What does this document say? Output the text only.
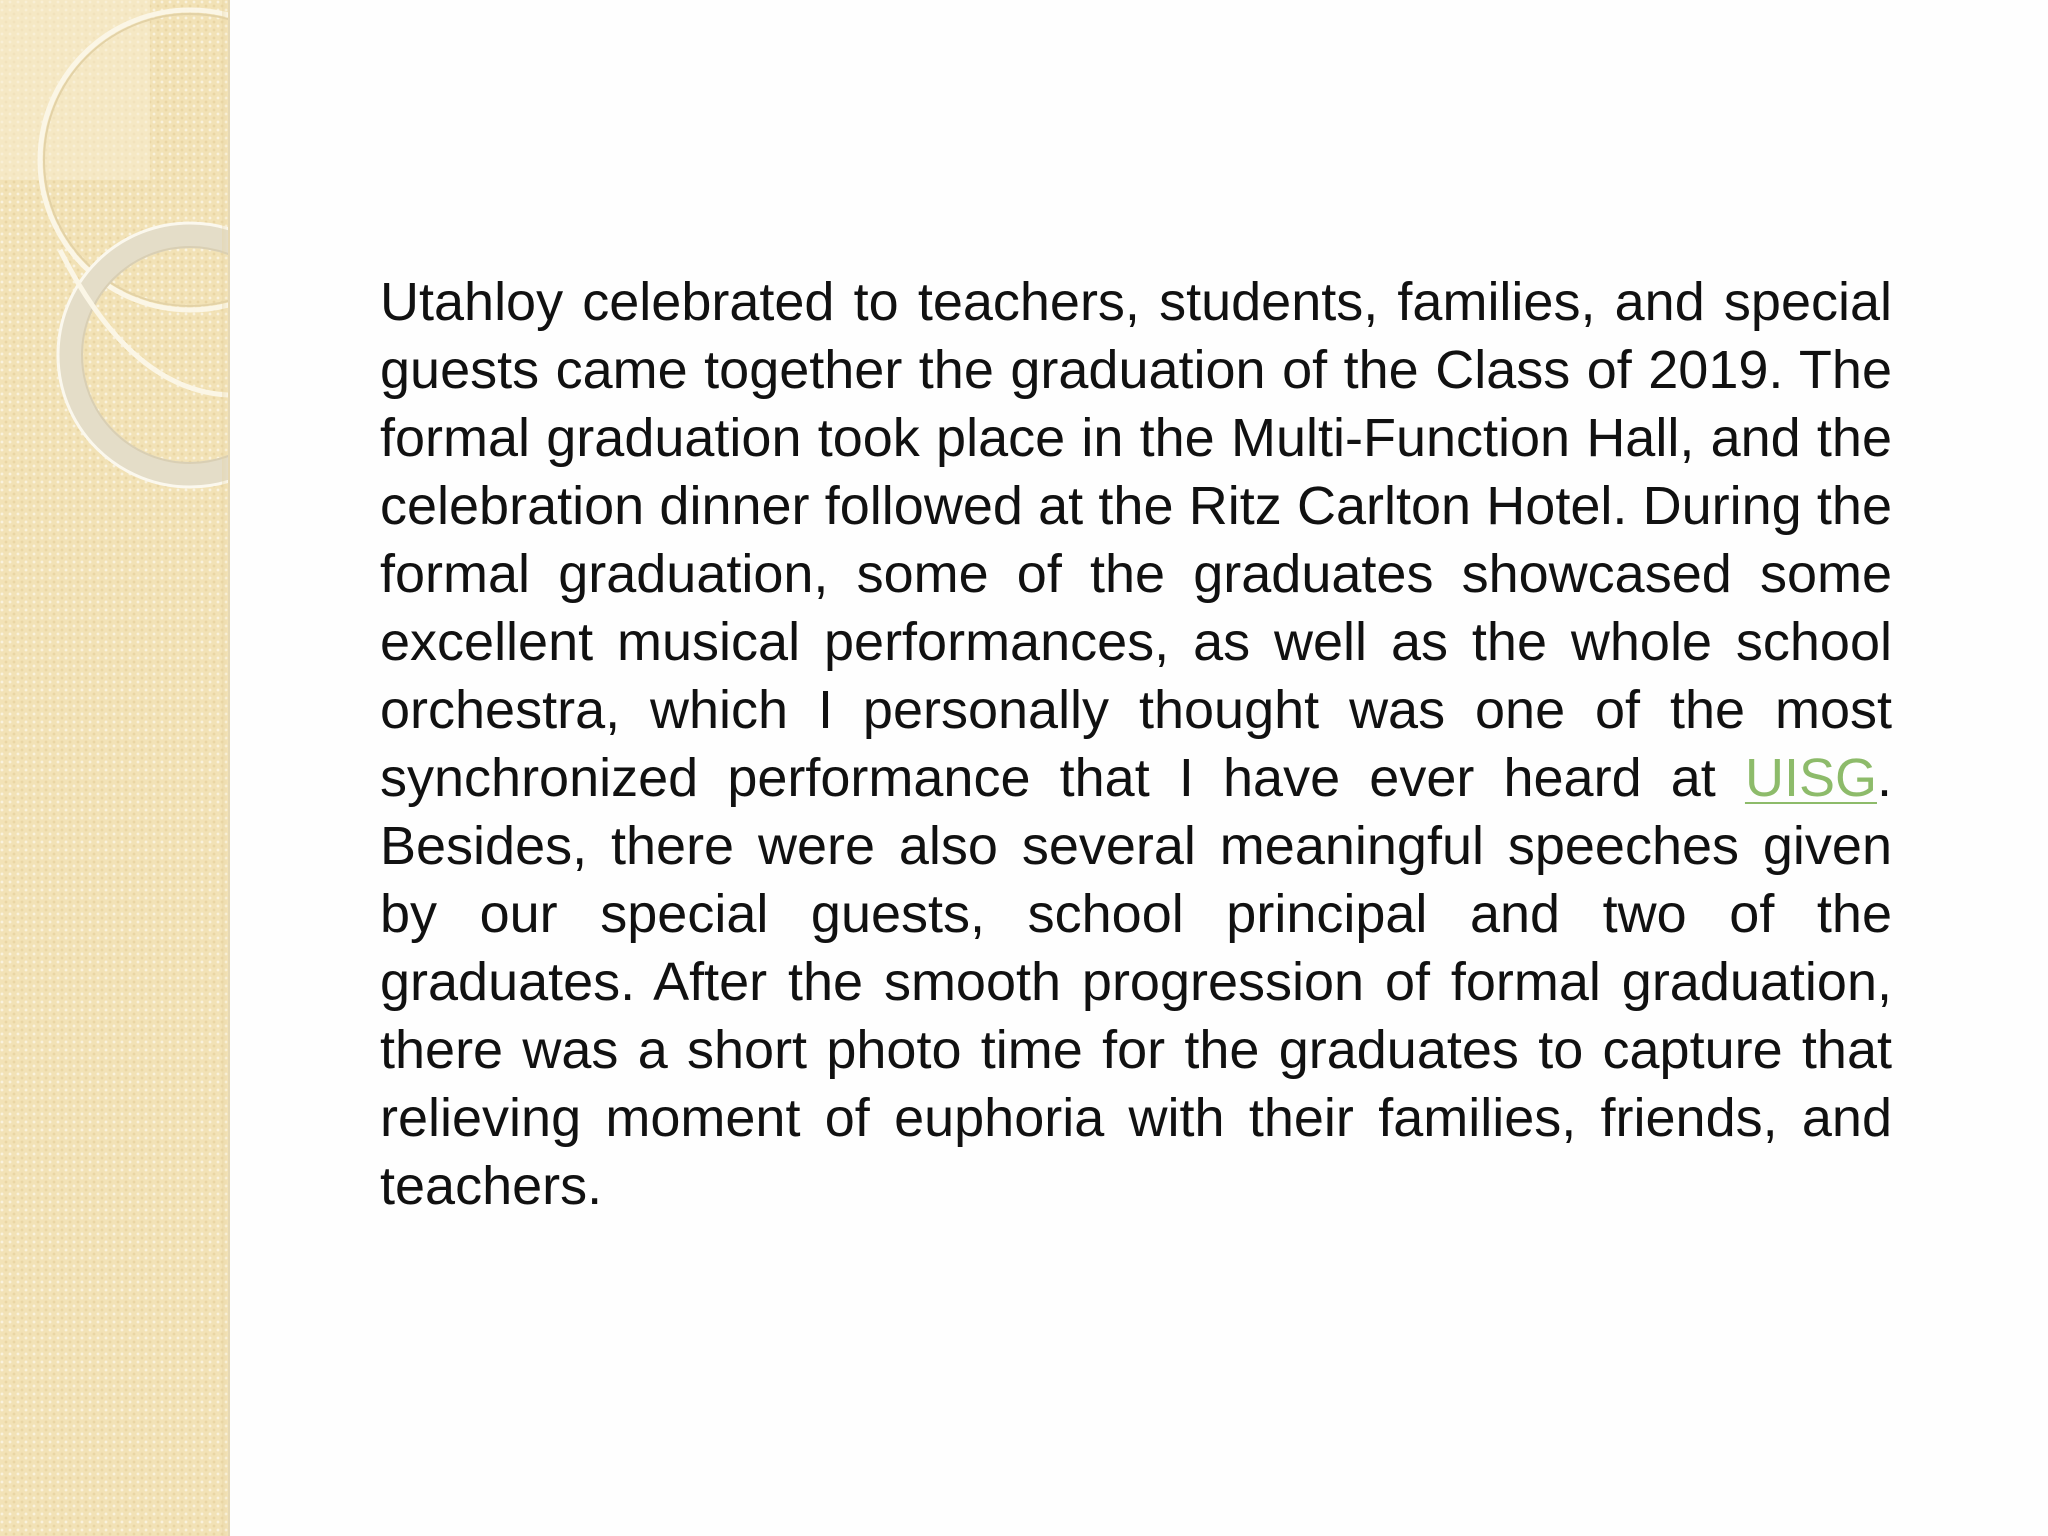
Utahloy celebrated to teachers, students, families, and special guests came together the graduation of the Class of 2019. The formal graduation took place in the Multi-Function Hall, and the celebration dinner followed at the Ritz Carlton Hotel. During the formal graduation, some of the graduates showcased some excellent musical performances, as well as the whole school orchestra, which I personally thought was one of the most synchronized performance that I have ever heard at UISG. Besides, there were also several meaningful speeches given by our special guests, school principal and two of the graduates. After the smooth progression of formal graduation, there was a short photo time for the graduates to capture that relieving moment of euphoria with their families, friends, and teachers.
